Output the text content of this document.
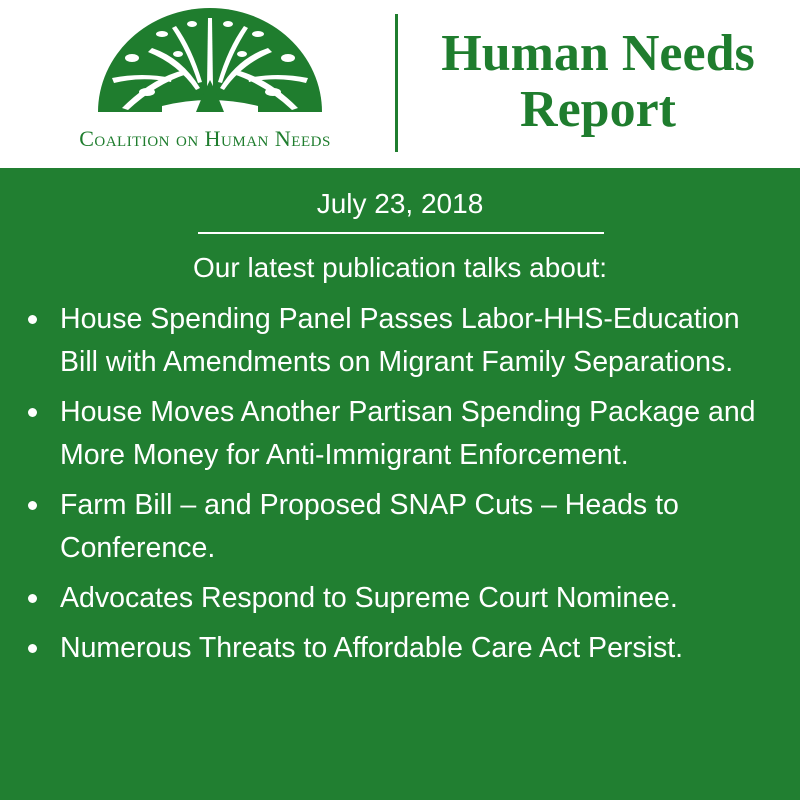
Coalition on Human Needs
Human Needs
Report
July 23, 2018
Our latest publication talks about:
House Spending Panel Passes Labor-HHS-Education Bill with Amendments on Migrant Family Separations.
House Moves Another Partisan Spending Package and More Money for Anti-Immigrant Enforcement.
Farm Bill – and Proposed SNAP Cuts – Heads to Conference.
Advocates Respond to Supreme Court Nominee.
Numerous Threats to Affordable Care Act Persist.
